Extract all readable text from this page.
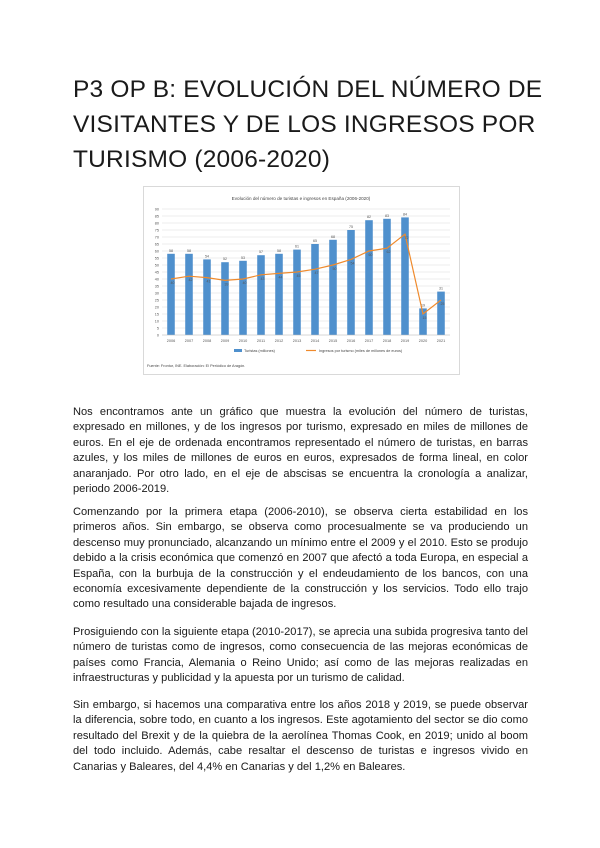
P3 OP B: EVOLUCIÓN DEL NÚMERO DE VISITANTES Y DE LOS INGRESOS POR TURISMO (2006-2020)
Evolución del número de turistas e ingresos en España (2006-2020)
0
5
10
15
20
25
30
35
40
45
50
55
60
65
70
75
80
85
90
58	58
54
52	53
57	58
61
65
68
75
82	83	84
19
31
40
42	41
39	40
43	44	45
47
50
54
60
62
72
15
25
2006	2007	2008	2009	2010	2011	2012	2013	2014	2015	2016	2017	2018	2019	2020	2021
Turistas (millones)	Ingresos por turismo (miles de millones de euros)
Fuente: Frontur, INE. Elaboración: El Periódico de Aragón.

Nos encontramos ante un gráfico que muestra la evolución del número de turistas, expresado en millones, y de los ingresos por turismo, expresado en miles de millones de euros. En el eje de ordenada encontramos representado el número de turistas, en barras azules, y los miles de millones de euros en euros, expresados de forma lineal, en color anaranjado. Por otro lado, en el eje de abscisas se encuentra la cronología a analizar, periodo 2006-2019.

Comenzando por la primera etapa (2006-2010), se observa cierta estabilidad en los primeros años. Sin embargo, se observa como procesualmente se va produciendo un descenso muy pronunciado, alcanzando un mínimo entre el 2009 y el 2010. Esto se produjo debido a la crisis económica que comenzó en 2007 que afectó a toda Europa, en especial a España, con la burbuja de la construcción y el endeudamiento de los bancos, con una economía excesivamente dependiente de la construcción y los servicios. Todo ello trajo como resultado una considerable bajada de ingresos.

Prosiguiendo con la siguiente etapa (2010-2017), se aprecia una subida progresiva tanto del número de turistas como de ingresos, como consecuencia de las mejoras económicas de países como Francia, Alemania o Reino Unido; así como de las mejoras realizadas en infraestructuras y publicidad y la apuesta por un turismo de calidad.

Sin embargo, si hacemos una comparativa entre los años 2018 y 2019, se puede observar la diferencia, sobre todo, en cuanto a los ingresos. Este agotamiento del sector se dio como resultado del Brexit y de la quiebra de la aerolínea Thomas Cook, en 2019; unido al boom del todo incluido. Además, cabe resaltar el descenso de turistas e ingresos vivido en Canarias y Baleares, del 4,4% en Canarias y del 1,2% en Baleares.
